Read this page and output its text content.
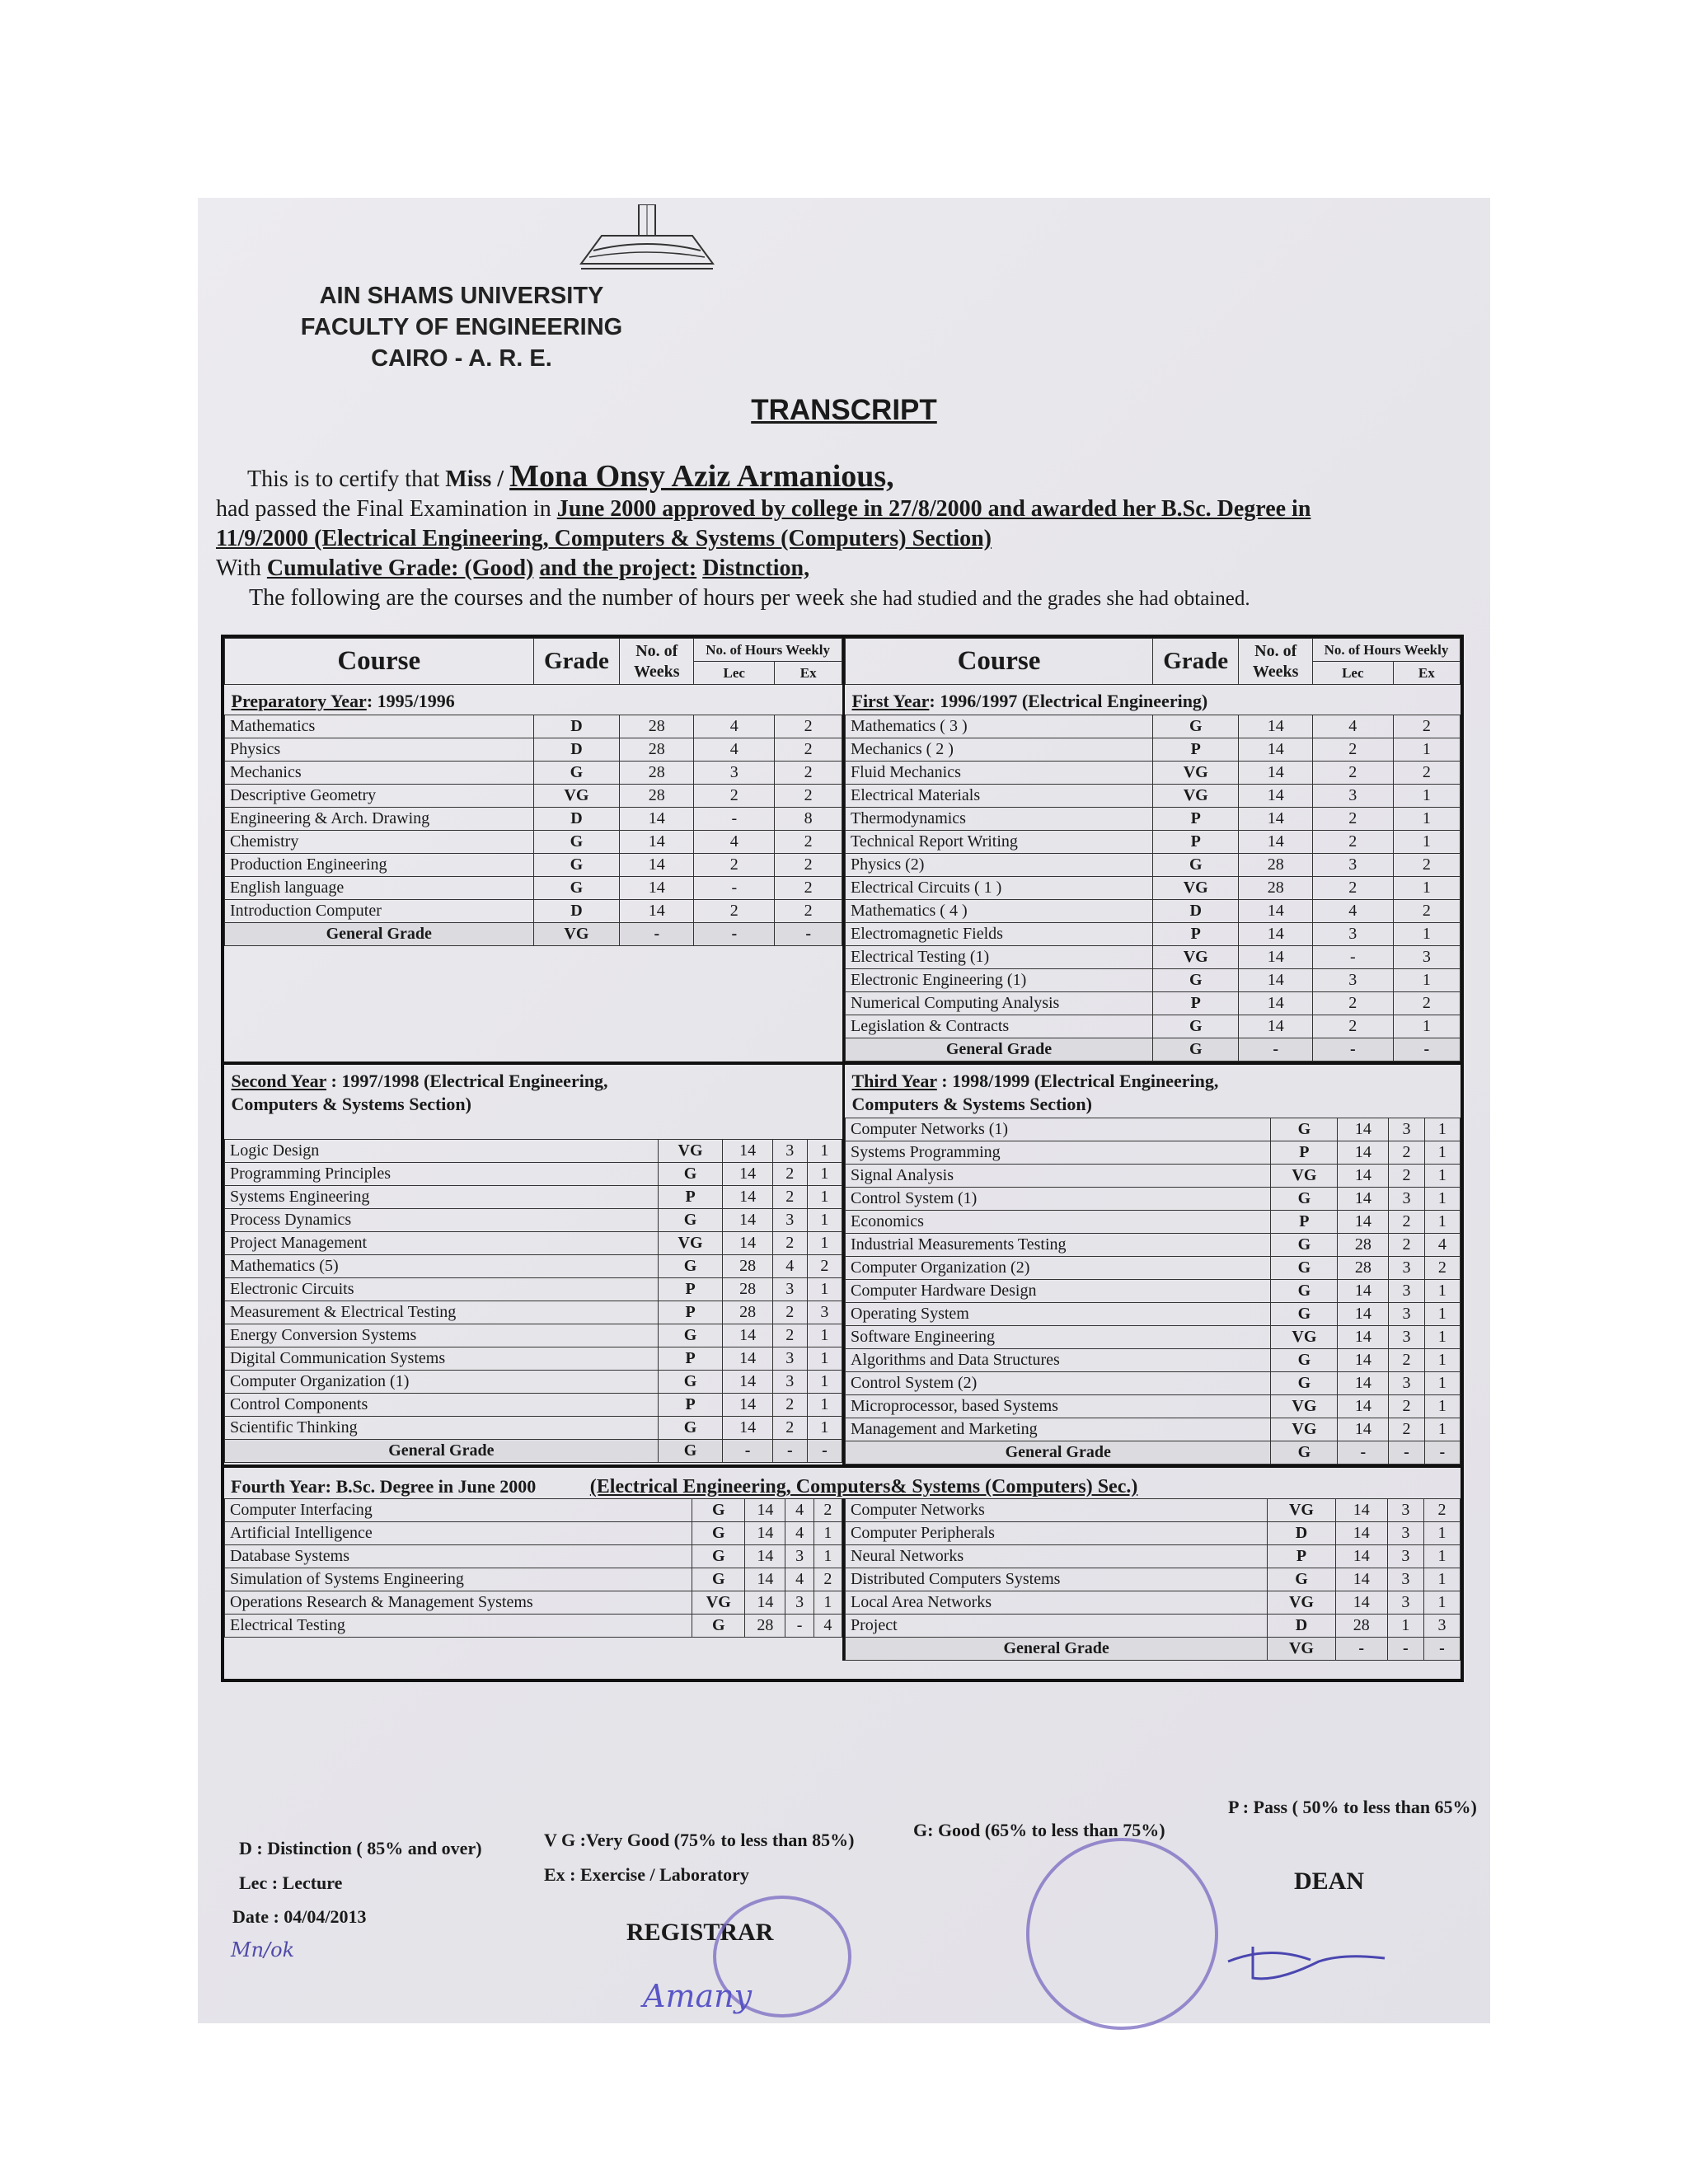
AIN SHAMS UNIVERSITY
FACULTY OF ENGINEERING
CAIRO - A. R. E.
TRANSCRIPT
This is to certify that Miss / Mona Onsy Aziz Armanious,
had passed the Final Examination in June 2000 approved by college in 27/8/2000 and awarded her B.Sc. Degree in
11/9/2000 (Electrical Engineering, Computers & Systems (Computers) Section)
With Cumulative Grade: (Good) and the project: Distnction,
The following are the courses and the number of hours per week she had studied and the grades she had obtained.
Course	Grade	No. of Weeks	No. of Hours Weekly	
			Lec	Ex
Preparatory Year: 1995/1996				
Mathematics	D	28	4	2
Physics	D	28	4	2
Mechanics	G	28	3	2
Descriptive Geometry	VG	28	2	2
Engineering & Arch. Drawing	D	14	-	8
Chemistry	G	14	4	2
Production Engineering	G	14	2	2
English language	G	14	-	2
Introduction Computer	D	14	2	2
General Grade	VG	-	-	-

Course	Grade	No. of Weeks	No. of Hours Weekly	
			Lec	Ex
First Year: 1996/1997 (Electrical Engineering)				
Mathematics ( 3 )	G	14	4	2
Mechanics ( 2 )	P	14	2	1
Fluid Mechanics	VG	14	2	2
Electrical Materials	VG	14	3	1
Thermodynamics	P	14	2	1
Technical Report Writing	P	14	2	1
Physics (2)	G	28	3	2
Electrical Circuits ( 1 )	VG	28	2	1
Mathematics ( 4 )	D	14	4	2
Electromagnetic Fields	P	14	3	1
Electrical Testing (1)	VG	14	-	3
Electronic Engineering (1)	G	14	3	1
Numerical Computing Analysis	P	14	2	2
Legislation & Contracts	G	14	2	1
General Grade	G	-	-	-
Second Year : 1997/1998 (Electrical Engineering,
Computers & Systems Section)				

Logic Design	VG	14	3	1
Programming Principles	G	14	2	1
Systems Engineering	P	14	2	1
Process Dynamics	G	14	3	1
Project Management	VG	14	2	1
Mathematics (5)	G	28	4	2
Electronic Circuits	P	28	3	1
Measurement & Electrical Testing	P	28	2	3
Energy Conversion Systems	G	14	2	1
Digital Communication Systems	P	14	3	1
Computer Organization (1)	G	14	3	1
Control Components	P	14	2	1
Scientific Thinking	G	14	2	1
General Grade	G	-	-	-
Third Year : 1998/1999 (Electrical Engineering,
Computers & Systems Section)				
Computer Networks (1)	G	14	3	1
Systems Programming	P	14	2	1
Signal Analysis	VG	14	2	1
Control System (1)	G	14	3	1
Economics	P	14	2	1
Industrial Measurements Testing	G	28	2	4
Computer Organization (2)	G	28	3	2
Computer Hardware Design	G	14	3	1
Operating System	G	14	3	1
Software Engineering	VG	14	3	1
Algorithms and Data Structures	G	14	2	1
Control System (2)	G	14	3	1
Microprocessor, based Systems	VG	14	2	1
Management and Marketing	VG	14	2	1
General Grade	G	-	-	-
Fourth Year: B.Sc. Degree in June 2000	(Electrical Engineering, Computers& Systems (Computers) Sec.)
Computer Interfacing	G	14	4	2
Artificial Intelligence	G	14	4	1
Database Systems	G	14	3	1
Simulation of Systems Engineering	G	14	4	2
Operations Research & Management Systems	VG	14	3	1
Electrical Testing	G	28	-	4
Computer Networks	VG	14	3	2
Computer Peripherals	D	14	3	1
Neural Networks	P	14	3	1
Distributed Computers Systems	G	14	3	1
Local Area Networks	VG	14	3	1
Project	D	28	1	3
General Grade	VG	-	-	-
D : Distinction ( 85% and over)	V G :Very Good (75% to less than 85%)	G: Good (65% to less than 75%)
P : Pass ( 50% to less than 65%)
Lec : Lecture	Ex : Exercise / Laboratory
Date : 04/04/2013
Mn/ok
REGISTRAR
DEAN
Amany
